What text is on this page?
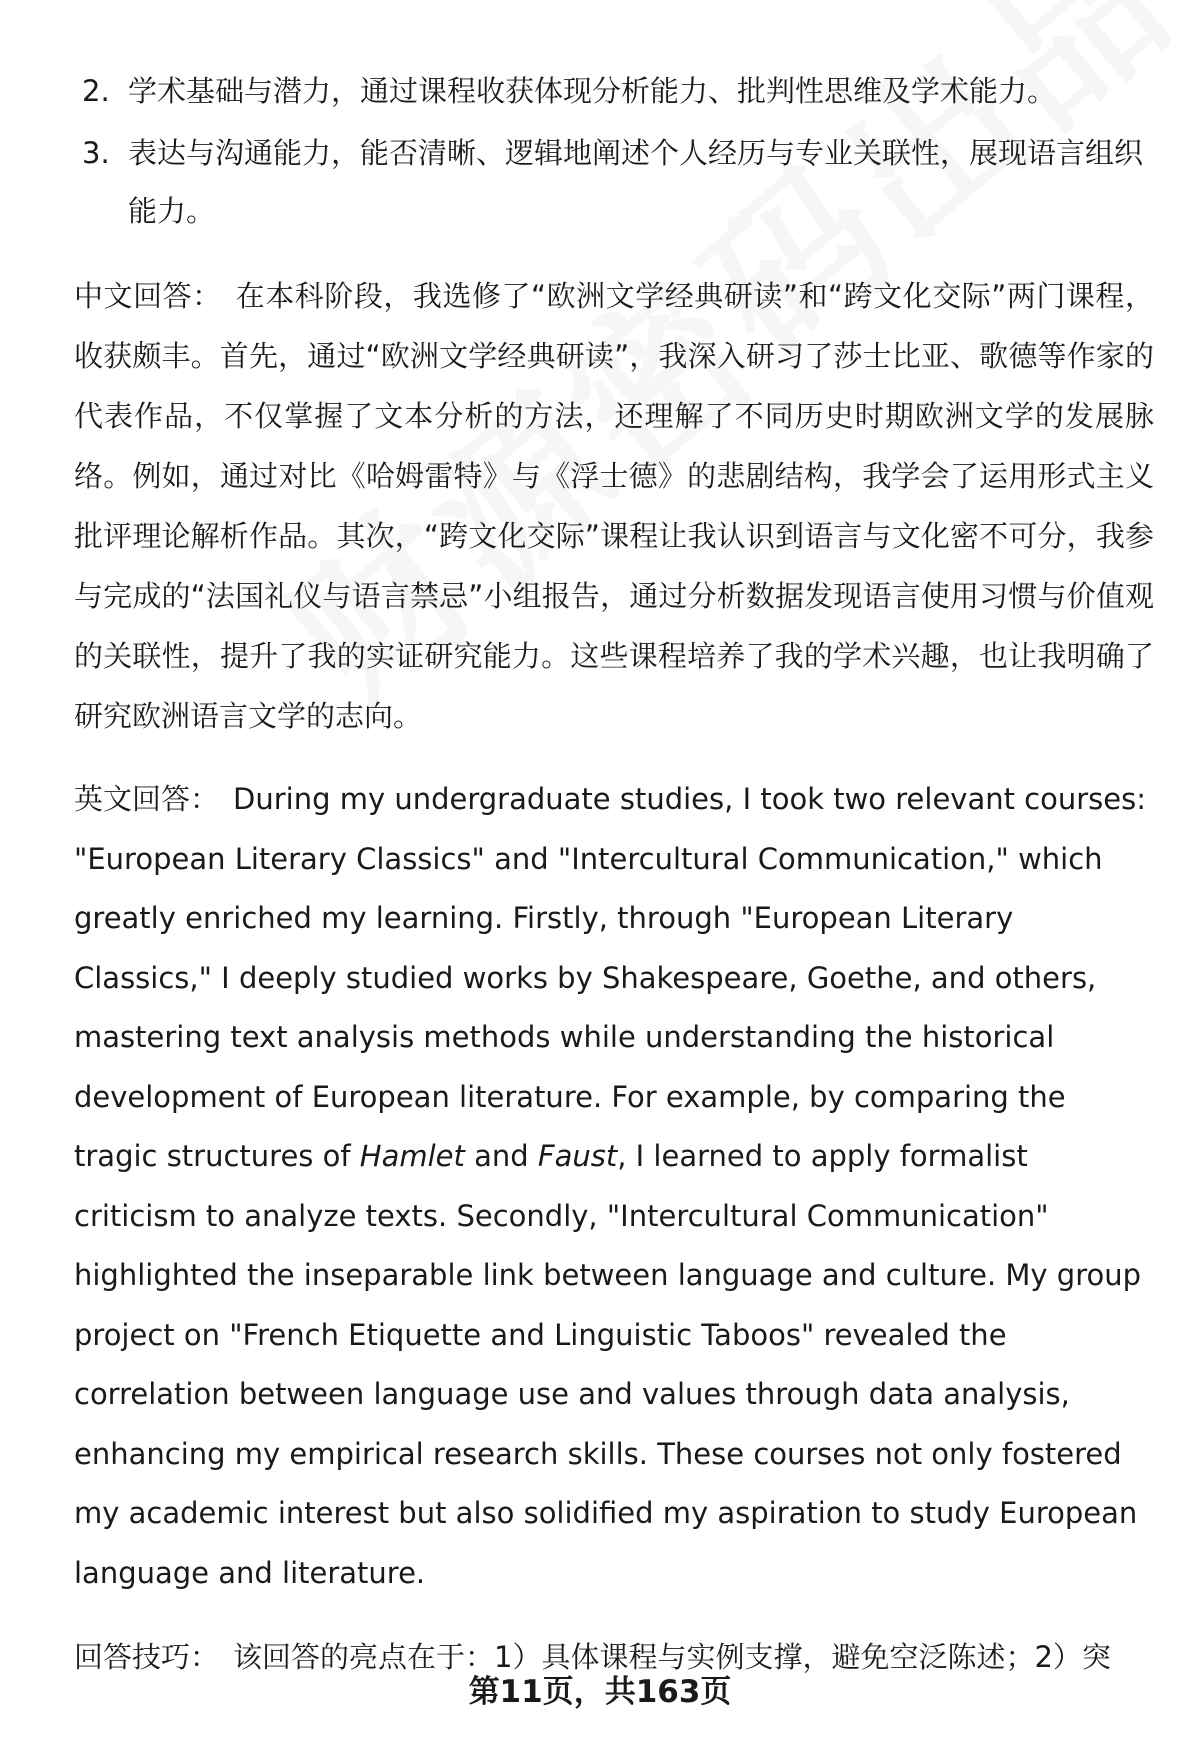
2. 学术基础与潜力，通过课程收获体现分析能力、批判性思维及学术能力。
3. 表达与沟通能力，能否清晰、逻辑地阐述个人经历与专业关联性，展现语言组织能力。

中文回答： 在本科阶段，我选修了“欧洲文学经典研读”和“跨文化交际”两门课程，收获颇丰。首先，通过“欧洲文学经典研读”，我深入研习了莎士比亚、歌德等作家的代表作品，不仅掌握了文本分析的方法，还理解了不同历史时期欧洲文学的发展脉络。例如，通过对比《哈姆雷特》与《浮士德》的悲剧结构，我学会了运用形式主义批评理论解析作品。其次，“跨文化交际”课程让我认识到语言与文化密不可分，我参与完成的“法国礼仪与语言禁忌”小组报告，通过分析数据发现语言使用习惯与价值观的关联性，提升了我的实证研究能力。这些课程培养了我的学术兴趣，也让我明确了研究欧洲语言文学的志向。

英文回答： During my undergraduate studies, I took two relevant courses: "European Literary Classics" and "Intercultural Communication," which greatly enriched my learning. Firstly, through "European Literary Classics," I deeply studied works by Shakespeare, Goethe, and others, mastering text analysis methods while understanding the historical development of European literature. For example, by comparing the tragic structures of Hamlet and Faust, I learned to apply formalist criticism to analyze texts. Secondly, "Intercultural Communication" highlighted the inseparable link between language and culture. My group project on "French Etiquette and Linguistic Taboos" revealed the correlation between language use and values through data analysis, enhancing my empirical research skills. These courses not only fostered my academic interest but also solidified my aspiration to study European language and literature.

回答技巧： 该回答的亮点在于：1）具体课程与实例支撑，避免空泛陈述；2）突

第11页，共163页
